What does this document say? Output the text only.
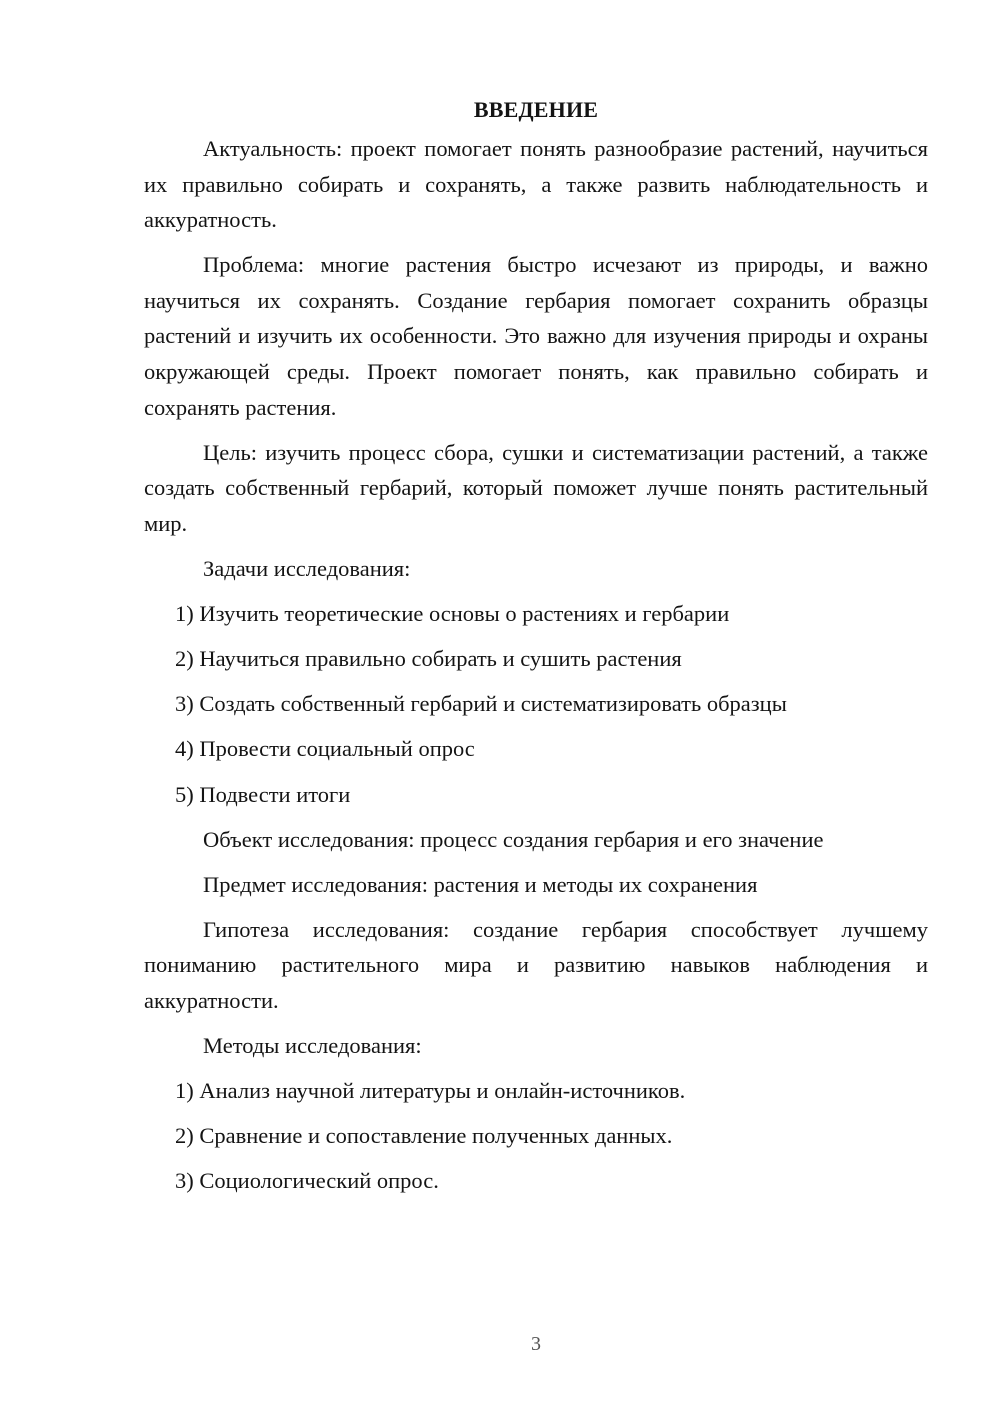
ВВЕДЕНИЕ

Актуальность: проект помогает понять разнообразие растений, научиться их правильно собирать и сохранять, а также развить наблюдательность и аккуратность.

Проблема: многие растения быстро исчезают из природы, и важно научиться их сохранять. Создание гербария помогает сохранить образцы растений и изучить их особенности. Это важно для изучения природы и охраны окружающей среды. Проект помогает понять, как правильно собирать и сохранять растения.

Цель: изучить процесс сбора, сушки и систематизации растений, а также создать собственный гербарий, который поможет лучше понять растительный мир.

Задачи исследования:

1) Изучить теоретические основы о растениях и гербарии

2) Научиться правильно собирать и сушить растения

3) Создать собственный гербарий и систематизировать образцы

4) Провести социальный опрос

5) Подвести итоги

Объект исследования: процесс создания гербария и его значение

Предмет исследования: растения и методы их сохранения

Гипотеза исследования: создание гербария способствует лучшему пониманию растительного мира и развитию навыков наблюдения и аккуратности.

Методы исследования:

1) Анализ научной литературы и онлайн-источников.

2) Сравнение и сопоставление полученных данных.

3) Социологический опрос.

3
